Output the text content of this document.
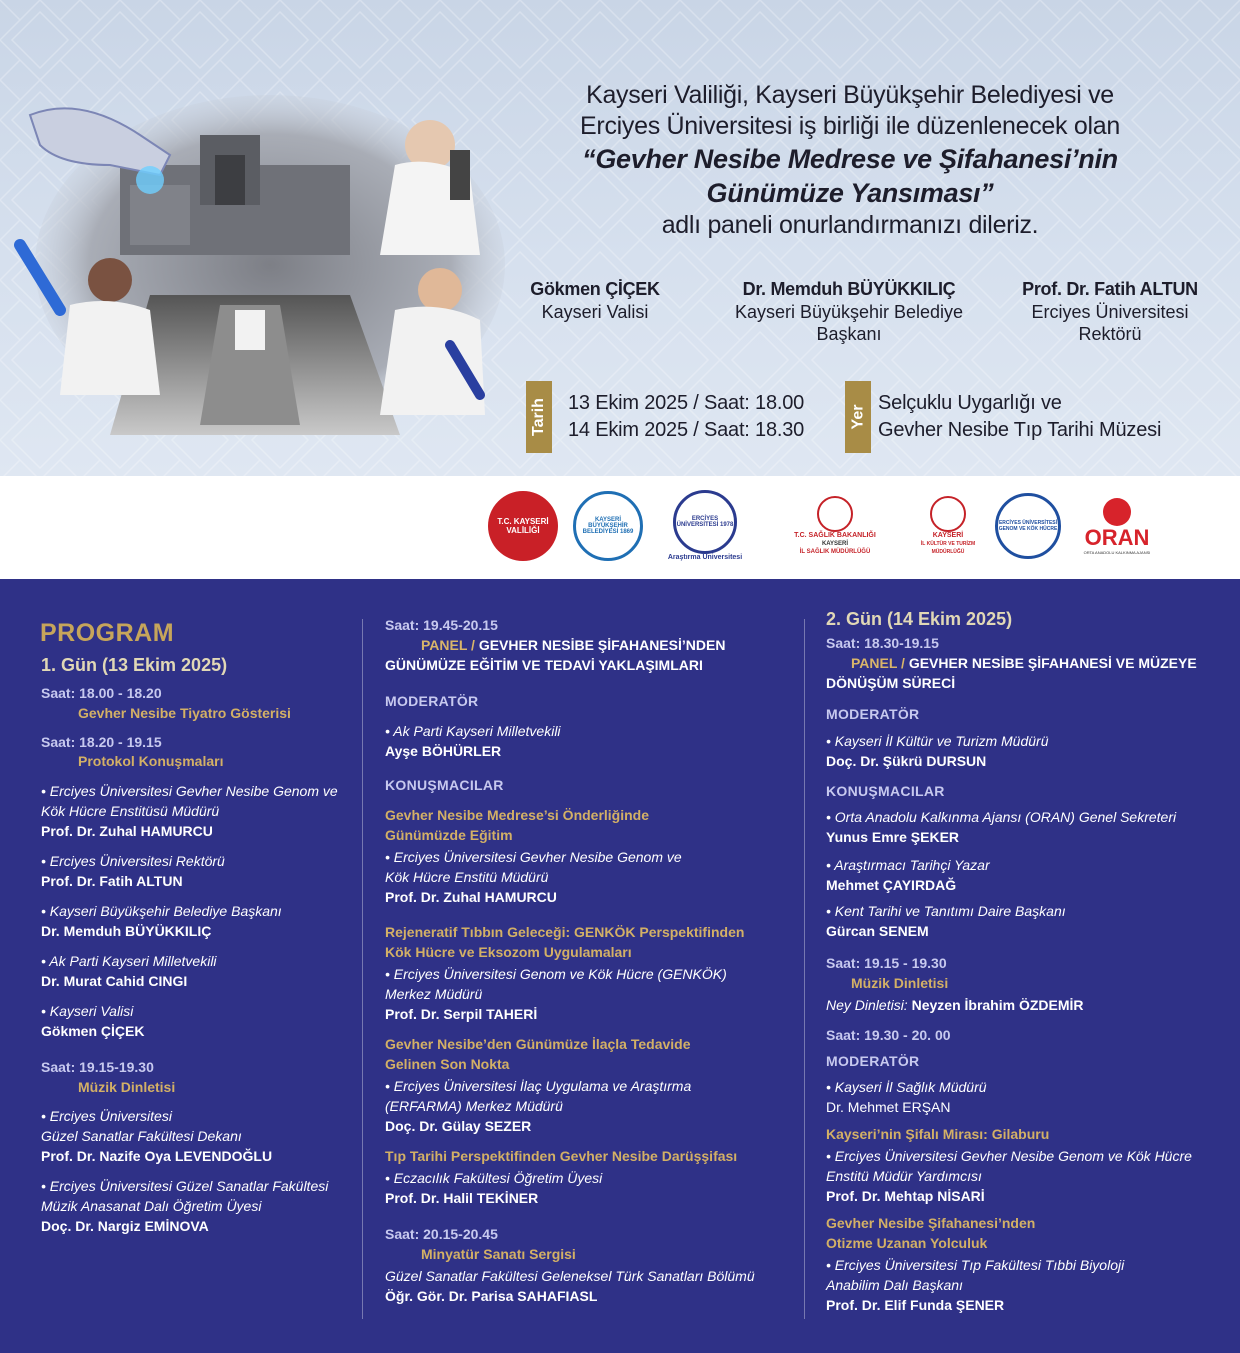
Kayseri Valiliği, Kayseri Büyükşehir Belediyesi ve
Erciyes Üniversitesi iş birliği ile düzenlenecek olan
“Gevher Nesibe Medrese ve Şifahanesi’nin
Günümüze Yansıması”
adlı paneli onurlandırmanızı dileriz.
Gökmen ÇİÇEK
Kayseri Valisi
Dr. Memduh BÜYÜKKILIÇ
Kayseri Büyükşehir Belediye
Başkanı
Prof. Dr. Fatih ALTUN
Erciyes Üniversitesi
Rektörü
Tarih 13 Ekim 2025 / Saat: 18.00
14 Ekim 2025 / Saat: 18.30
Yer
Selçuklu Uygarlığı ve
Gevher Nesibe Tıp Tarihi Müzesi
T.C. KAYSERİ VALİLİĞİ
KAYSERİ BÜYÜKŞEHİR BELEDİYESİ 1869
ERCİYES ÜNİVERSİTESİ 1978
Araştırma Üniversitesi
T.C. SAĞLIK BAKANLIĞI
KAYSERİ
İL SAĞLIK MÜDÜRLÜĞÜ
KAYSERİ
İL KÜLTÜR VE TURİZM
MÜDÜRLÜĞÜ
ERCİYES ÜNİVERSİTESİ GENOM VE KÖK HÜCRE ORAN
ORTA ANADOLU KALKINMA AJANSI
PROGRAM
1. Gün (13 Ekim 2025)
Saat: 18.00 - 18.20
Gevher Nesibe Tiyatro Gösterisi
Saat: 18.20 - 19.15
Protokol Konuşmaları
• Erciyes Üniversitesi Gevher Nesibe Genom ve
Kök Hücre Enstitüsü Müdürü
Prof. Dr. Zuhal HAMURCU
• Erciyes Üniversitesi Rektörü
Prof. Dr. Fatih ALTUN
• Kayseri Büyükşehir Belediye Başkanı
Dr. Memduh BÜYÜKKILIÇ
• Ak Parti Kayseri Milletvekili
Dr. Murat Cahid CINGI
• Kayseri Valisi
Gökmen ÇİÇEK
Saat: 19.15-19.30
Müzik Dinletisi
• Erciyes Üniversitesi
Güzel Sanatlar Fakültesi Dekanı
Prof. Dr. Nazife Oya LEVENDOĞLU
• Erciyes Üniversitesi Güzel Sanatlar Fakültesi
Müzik Anasanat Dalı Öğretim Üyesi
Doç. Dr. Nargiz EMİNOVA
Saat: 19.45-20.15
PANEL / GEVHER NESİBE ŞİFAHANESİ’NDEN
GÜNÜMÜZE EĞİTİM VE TEDAVİ YAKLAŞIMLARI
MODERATÖR
• Ak Parti Kayseri Milletvekili
Ayşe BÖHÜRLER
KONUŞMACILAR
Gevher Nesibe Medrese’si Önderliğinde
Günümüzde Eğitim
• Erciyes Üniversitesi Gevher Nesibe Genom ve
Kök Hücre Enstitü Müdürü
Prof. Dr. Zuhal HAMURCU
Rejeneratif Tıbbın Geleceği: GENKÖK Perspektifinden
Kök Hücre ve Eksozom Uygulamaları
• Erciyes Üniversitesi Genom ve Kök Hücre (GENKÖK)
Merkez Müdürü
Prof. Dr. Serpil TAHERİ
Gevher Nesibe’den Günümüze İlaçla Tedavide
Gelinen Son Nokta
• Erciyes Üniversitesi İlaç Uygulama ve Araştırma
(ERFARMA) Merkez Müdürü
Doç. Dr. Gülay SEZER
Tıp Tarihi Perspektifinden Gevher Nesibe Darüşşifası
• Eczacılık Fakültesi Öğretim Üyesi
Prof. Dr. Halil TEKİNER
Saat: 20.15-20.45
Minyatür Sanatı Sergisi
Güzel Sanatlar Fakültesi Geleneksel Türk Sanatları Bölümü
Öğr. Gör. Dr. Parisa SAHAFIASL
2. Gün (14 Ekim 2025)
Saat: 18.30-19.15
PANEL / GEVHER NESİBE ŞİFAHANESİ VE MÜZEYE
DÖNÜŞÜM SÜRECİ
MODERATÖR
• Kayseri İl Kültür ve Turizm Müdürü
Doç. Dr. Şükrü DURSUN
KONUŞMACILAR
• Orta Anadolu Kalkınma Ajansı (ORAN) Genel Sekreteri
Yunus Emre ŞEKER
• Araştırmacı Tarihçi Yazar
Mehmet ÇAYIRDAĞ
• Kent Tarihi ve Tanıtımı Daire Başkanı
Gürcan SENEM
Saat: 19.15 - 19.30
Müzik Dinletisi
Ney Dinletisi: Neyzen İbrahim ÖZDEMİR
Saat: 19.30 - 20. 00
MODERATÖR
• Kayseri İl Sağlık Müdürü
Dr. Mehmet ERŞAN
Kayseri’nin Şifalı Mirası: Gilaburu
• Erciyes Üniversitesi Gevher Nesibe Genom ve Kök Hücre
Enstitü Müdür Yardımcısı
Prof. Dr. Mehtap NİSARİ
Gevher Nesibe Şifahanesi’nden
Otizme Uzanan Yolculuk
• Erciyes Üniversitesi Tıp Fakültesi Tıbbi Biyoloji
Anabilim Dalı Başkanı
Prof. Dr. Elif Funda ŞENER
